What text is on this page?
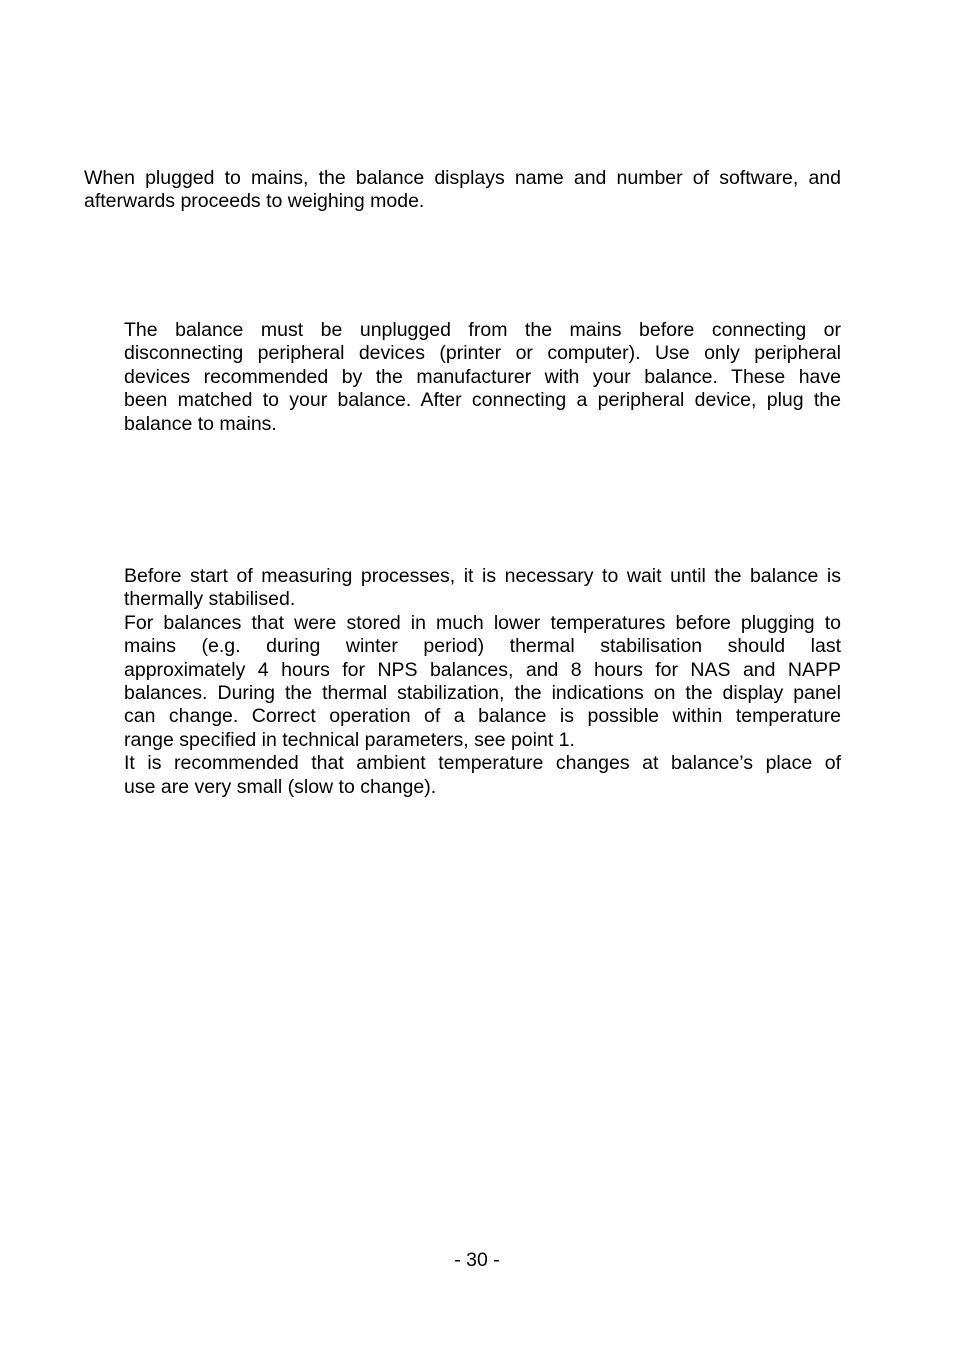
When plugged to mains, the balance displays name and number of software, and
afterwards proceeds to weighing mode.

The balance must be unplugged from the mains before connecting or
disconnecting peripheral devices (printer or computer). Use only peripheral
devices recommended by the manufacturer with your balance. These have
been matched to your balance. After connecting a peripheral device, plug the
balance to mains.

Before start of measuring processes, it is necessary to wait until the balance is
thermally stabilised.
For balances that were stored in much lower temperatures before plugging to
mains (e.g. during winter period) thermal stabilisation should last
approximately 4 hours for NPS balances, and 8 hours for NAS and NAPP
balances. During the thermal stabilization, the indications on the display panel
can change. Correct operation of a balance is possible within temperature
range specified in technical parameters, see point 1.
It is recommended that ambient temperature changes at balance’s place of
use are very small (slow to change).

- 30 -
